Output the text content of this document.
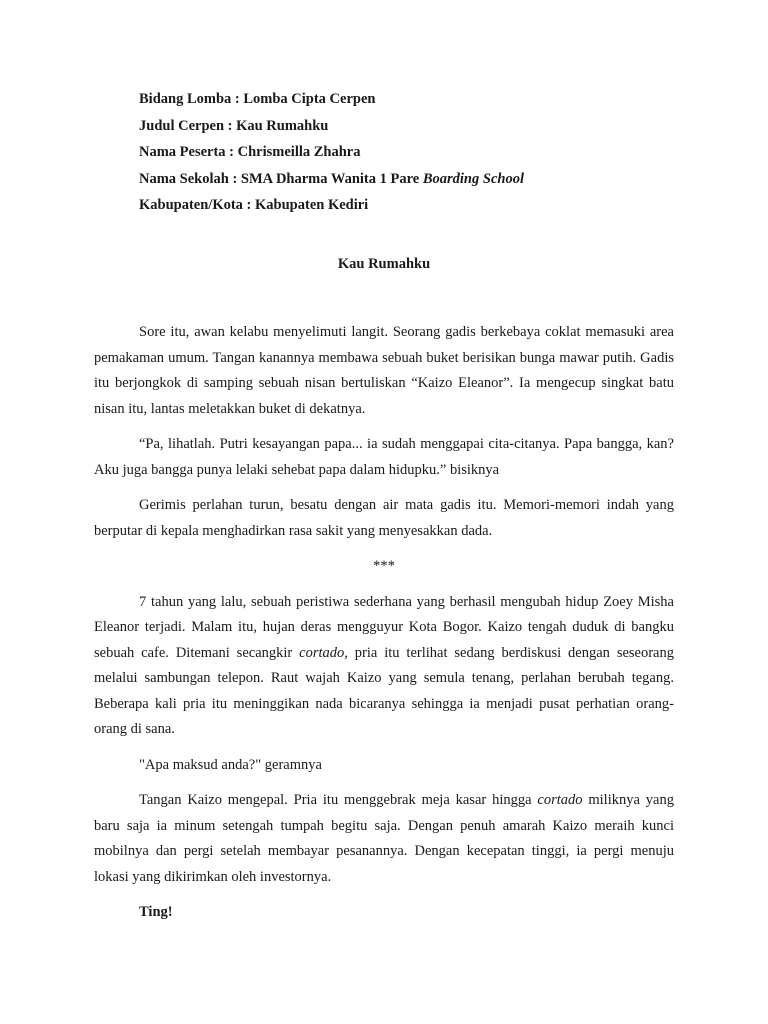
Bidang Lomba : Lomba Cipta Cerpen
Judul Cerpen : Kau Rumahku
Nama Peserta : Chrismeilla Zhahra
Nama Sekolah : SMA Dharma Wanita 1 Pare Boarding School
Kabupaten/Kota : Kabupaten Kediri
Kau Rumahku

Sore itu, awan kelabu menyelimuti langit. Seorang gadis berkebaya coklat memasuki area pemakaman umum. Tangan kanannya membawa sebuah buket berisikan bunga mawar putih. Gadis itu berjongkok di samping sebuah nisan bertuliskan “Kaizo Eleanor”. Ia mengecup singkat batu nisan itu, lantas meletakkan buket di dekatnya.

“Pa, lihatlah. Putri kesayangan papa... ia sudah menggapai cita-citanya. Papa bangga, kan? Aku juga bangga punya lelaki sehebat papa dalam hidupku.” bisiknya

Gerimis perlahan turun, besatu dengan air mata gadis itu. Memori-memori indah yang berputar di kepala menghadirkan rasa sakit yang menyesakkan dada.

***

7 tahun yang lalu, sebuah peristiwa sederhana yang berhasil mengubah hidup Zoey Misha Eleanor terjadi. Malam itu, hujan deras mengguyur Kota Bogor. Kaizo tengah duduk di bangku sebuah cafe. Ditemani secangkir cortado, pria itu terlihat sedang berdiskusi dengan seseorang melalui sambungan telepon. Raut wajah Kaizo yang semula tenang, perlahan berubah tegang. Beberapa kali pria itu meninggikan nada bicaranya sehingga ia menjadi pusat perhatian orang-orang di sana.

"Apa maksud anda?" geramnya

Tangan Kaizo mengepal. Pria itu menggebrak meja kasar hingga cortado miliknya yang baru saja ia minum setengah tumpah begitu saja. Dengan penuh amarah Kaizo meraih kunci mobilnya dan pergi setelah membayar pesanannya. Dengan kecepatan tinggi, ia pergi menuju lokasi yang dikirimkan oleh investornya.

Ting!
